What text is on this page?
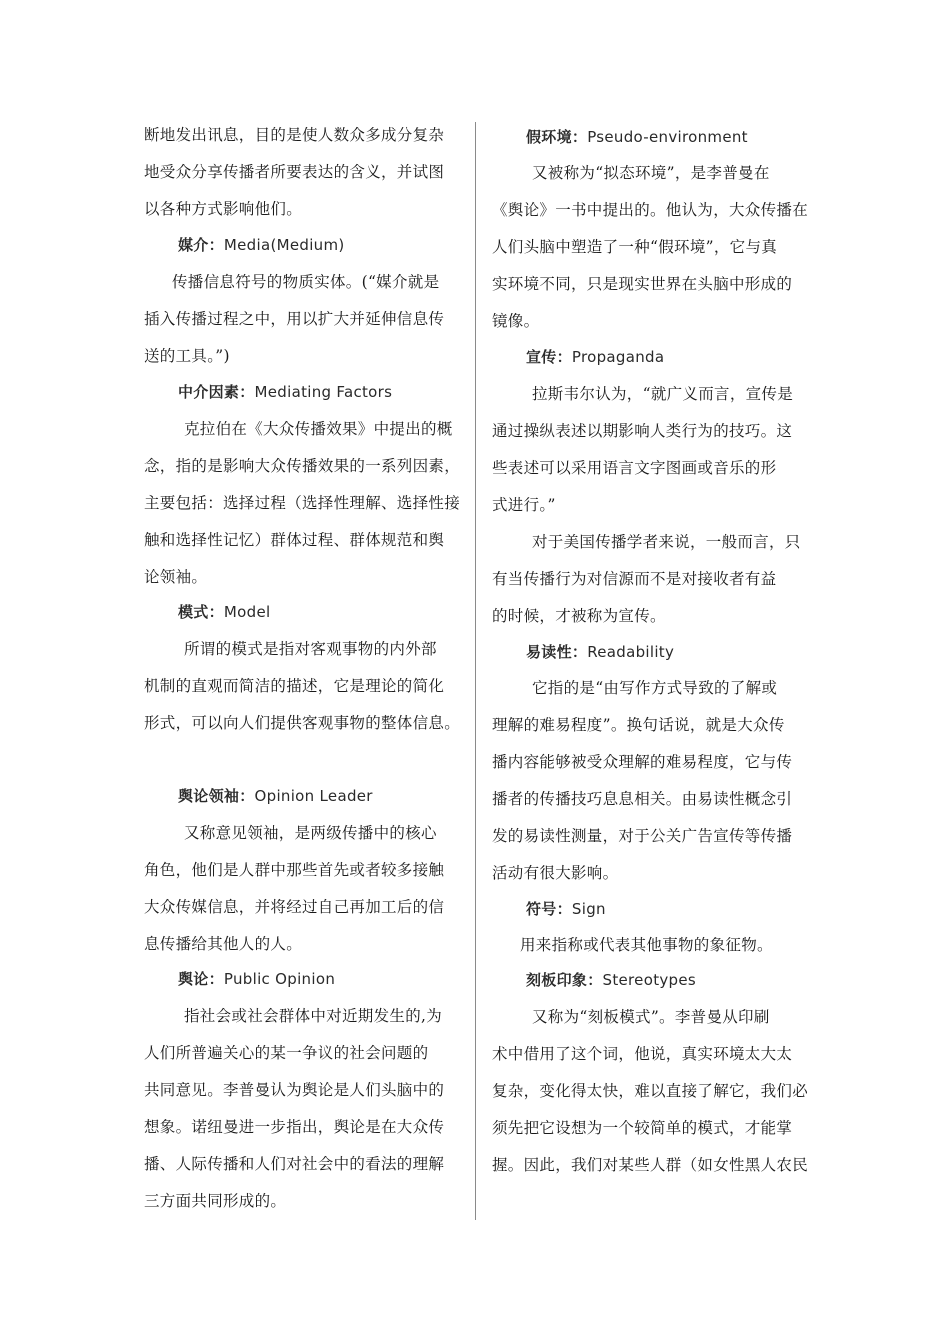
断地发出讯息，目的是使人数众多成分复杂
地受众分享传播者所要表达的含义，并试图
以各种方式影响他们。
媒介：Media(Medium)
传播信息符号的物质实体。(“媒介就是
插入传播过程之中，用以扩大并延伸信息传
送的工具。”)
中介因素：Mediating Factors
克拉伯在《大众传播效果》中提出的概
念，指的是影响大众传播效果的一系列因素，
主要包括：选择过程（选择性理解、选择性接
触和选择性记忆）群体过程、群体规范和舆
论领袖。
模式：Model
所谓的模式是指对客观事物的内外部
机制的直观而简洁的描述，它是理论的简化
形式，可以向人们提供客观事物的整体信息。
舆论领袖：Opinion Leader
又称意见领袖，是两级传播中的核心
角色，他们是人群中那些首先或者较多接触
大众传媒信息，并将经过自己再加工后的信
息传播给其他人的人。
舆论：Public Opinion
指社会或社会群体中对近期发生的,为
人们所普遍关心的某一争议的社会问题的
共同意见。李普曼认为舆论是人们头脑中的
想象。诺纽曼进一步指出，舆论是在大众传
播、人际传播和人们对社会中的看法的理解
三方面共同形成的。
假环境：Pseudo-environment
又被称为“拟态环境”，是李普曼在
《舆论》一书中提出的。他认为，大众传播在
人们头脑中塑造了一种“假环境”，它与真
实环境不同，只是现实世界在头脑中形成的
镜像。
宣传：Propaganda
拉斯韦尔认为，“就广义而言，宣传是
通过操纵表述以期影响人类行为的技巧。这
些表述可以采用语言文字图画或音乐的形
式进行。”
对于美国传播学者来说，一般而言，只
有当传播行为对信源而不是对接收者有益
的时候，才被称为宣传。
易读性：Readability
它指的是“由写作方式导致的了解或
理解的难易程度”。换句话说，就是大众传
播内容能够被受众理解的难易程度，它与传
播者的传播技巧息息相关。由易读性概念引
发的易读性测量，对于公关广告宣传等传播
活动有很大影响。
符号：Sign
用来指称或代表其他事物的象征物。
刻板印象：Stereotypes
又称为“刻板模式”。李普曼从印刷
术中借用了这个词，他说，真实环境太大太
复杂，变化得太快，难以直接了解它，我们必
须先把它设想为一个较简单的模式，才能掌
握。因此，我们对某些人群（如女性黑人农民
